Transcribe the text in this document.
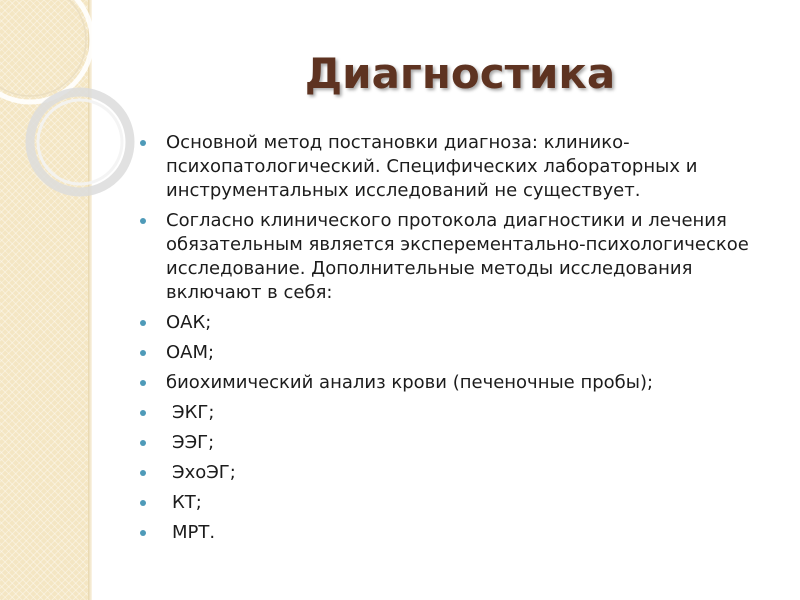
Диагностика
Основной метод постановки диагноза: клинико-психопатологический. Специфических лабораторных и инструментальных исследований не существует.
Согласно клинического протокола диагностики и лечения обязательным является эксперементально-психологическое исследование. Дополнительные методы исследования включают в себя:
ОАК;
ОАМ;
биохимический анализ крови (печеночные пробы);
ЭКГ;
ЭЭГ;
ЭхоЭГ;
КТ;
МРТ.
